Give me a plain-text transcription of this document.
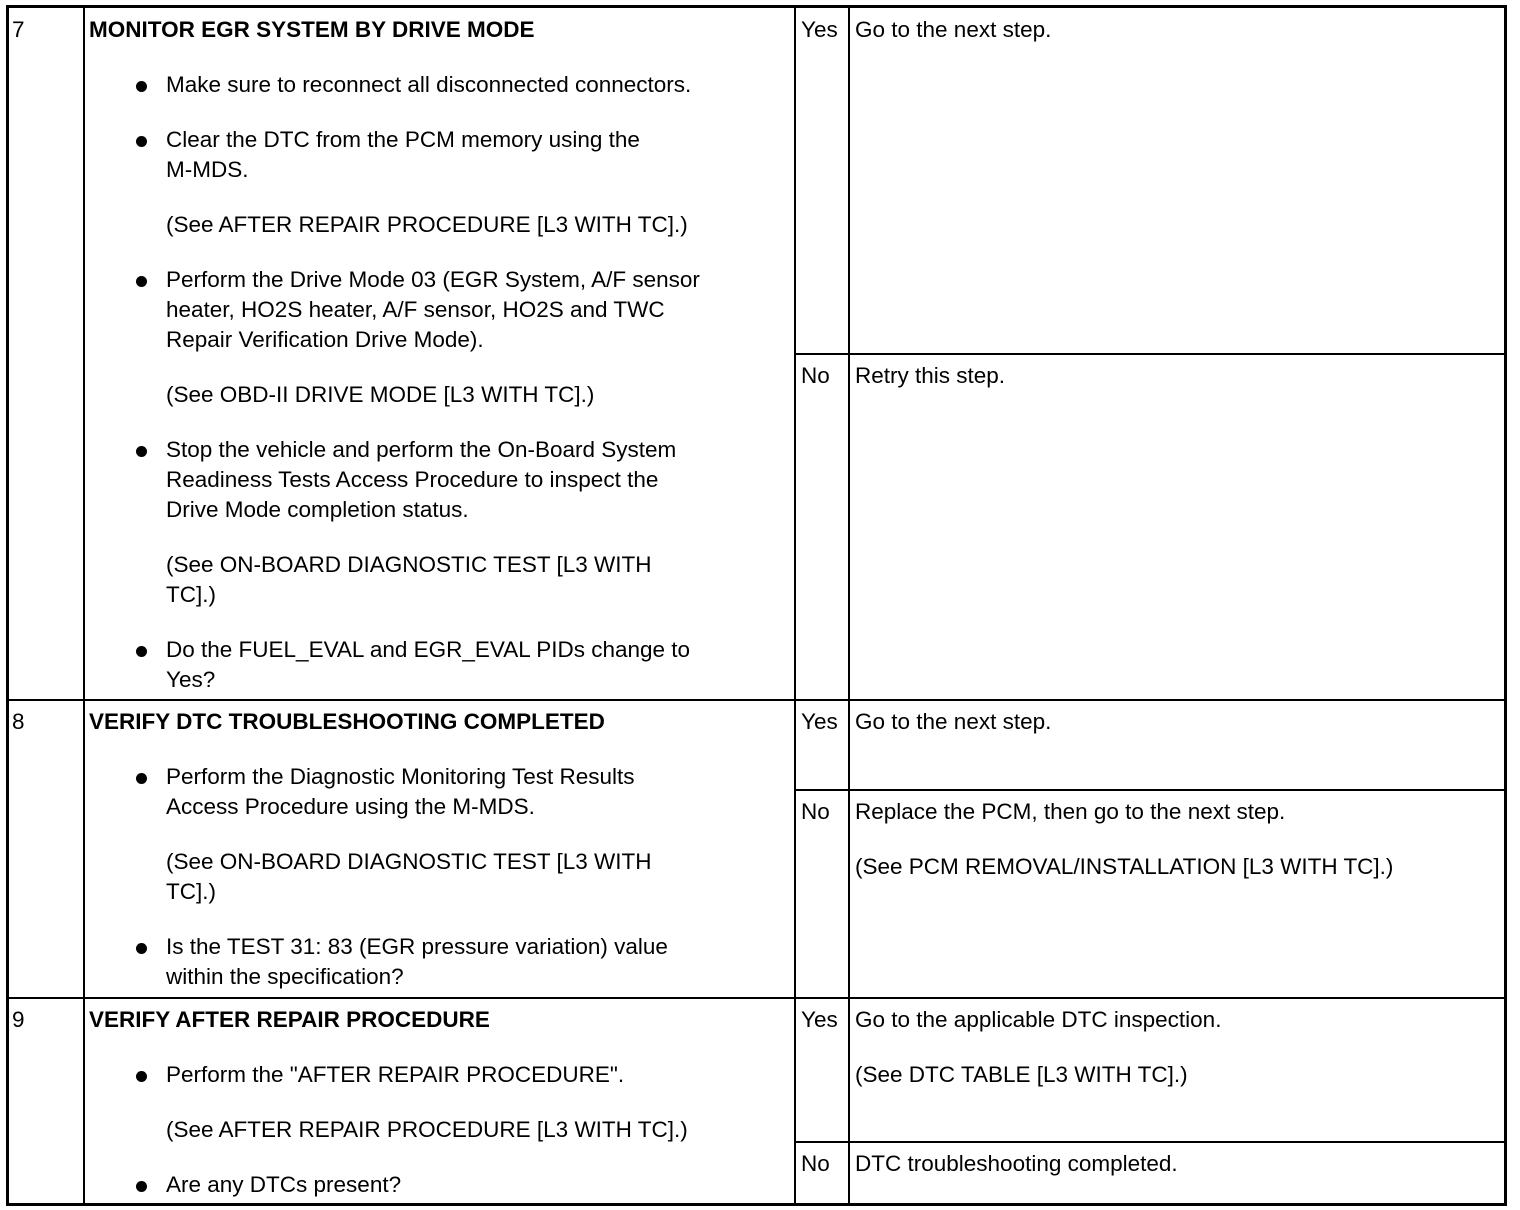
7	MONITOR EGR SYSTEM BY DRIVE MODE
Make sure to reconnect all disconnected connectors.
Clear the DTC from the PCM memory using the
M-MDS.
(See AFTER REPAIR PROCEDURE [L3 WITH TC].)
Perform the Drive Mode 03 (EGR System, A/F sensor
heater, HO2S heater, A/F sensor, HO2S and TWC
Repair Verification Drive Mode).
(See OBD-II DRIVE MODE [L3 WITH TC].)
Stop the vehicle and perform the On-Board System
Readiness Tests Access Procedure to inspect the
Drive Mode completion status.
(See ON-BOARD DIAGNOSTIC TEST [L3 WITH
TC].)
Do the FUEL_EVAL and EGR_EVAL PIDs change to
Yes?
Yes Go to the next step.
No Retry this step.
8	VERIFY DTC TROUBLESHOOTING COMPLETED
Perform the Diagnostic Monitoring Test Results
Access Procedure using the M-MDS.
(See ON-BOARD DIAGNOSTIC TEST [L3 WITH
TC].)
Is the TEST 31: 83 (EGR pressure variation) value
within the specification?
Yes Go to the next step.
No Replace the PCM, then go to the next step.
(See PCM REMOVAL/INSTALLATION [L3 WITH TC].)
9	VERIFY AFTER REPAIR PROCEDURE
Perform the "AFTER REPAIR PROCEDURE".
(See AFTER REPAIR PROCEDURE [L3 WITH TC].)
Are any DTCs present?
Yes Go to the applicable DTC inspection.
(See DTC TABLE [L3 WITH TC].)
No DTC troubleshooting completed.
